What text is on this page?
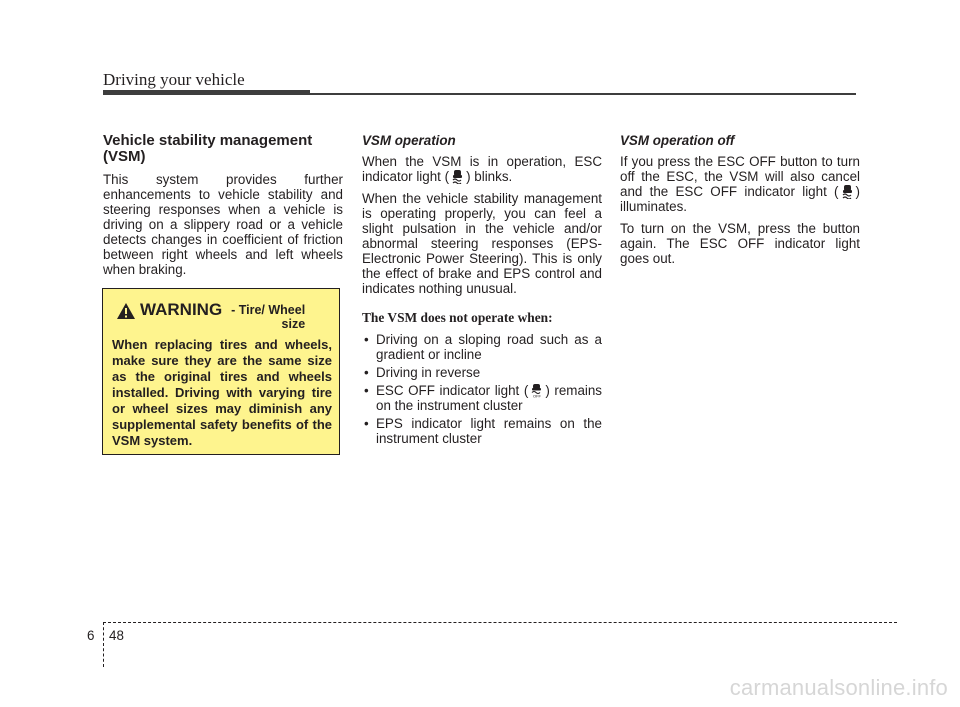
Driving your vehicle
Vehicle stability management (VSM)

This system provides further enhancements to vehicle stability and steering responses when a vehicle is driving on a slippery road or a vehicle detects changes in coefficient of friction between right wheels and left wheels when braking.

WARNING - Tire/ Wheel size

When replacing tires and wheels, make sure they are the same size as the original tires and wheels installed. Driving with varying tire or wheel sizes may diminish any supplemental safety benefits of the VSM system.

VSM operation

When the VSM is in operation, ESC indicator light ( ) blinks.

When the vehicle stability management is operating properly, you can feel a slight pulsation in the vehicle and/or abnormal steering responses (EPS- Electronic Power Steering). This is only the effect of brake and EPS control and indicates nothing unusual.

The VSM does not operate when:
• Driving on a sloping road such as a gradient or incline
• Driving in reverse
• ESC OFF indicator light ( OFF ) remains on the instrument cluster
• EPS indicator light remains on the instrument cluster
VSM operation off

If you press the ESC OFF button to turn off the ESC, the VSM will also cancel and the ESC OFF indicator light ( ) illuminates.

To turn on the VSM, press the button again. The ESC OFF indicator light goes out.

6 48
carmanualsonline.info
